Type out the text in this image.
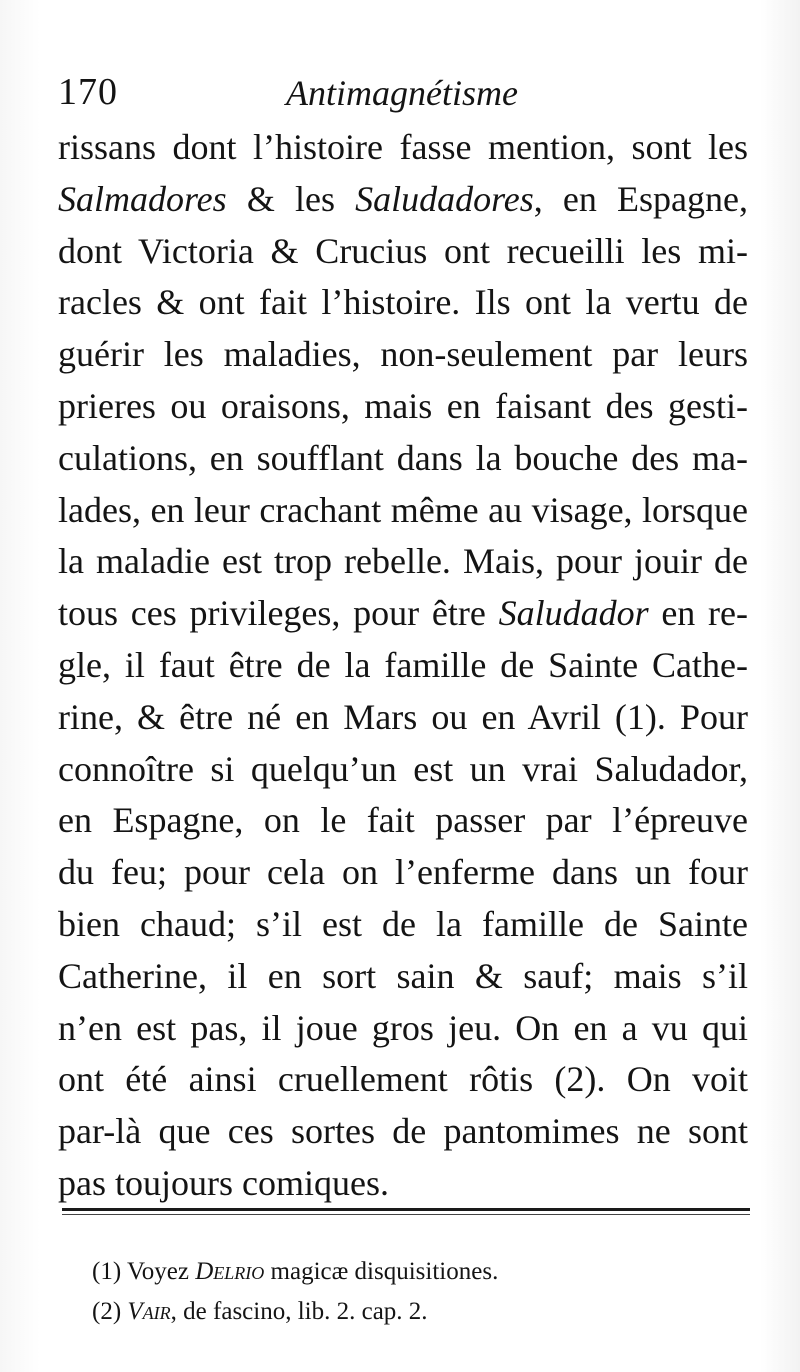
170	Antimagnétisme
rissans dont l’histoire fasse mention, sont les
Salmadores & les Saludadores, en Espagne,
dont Victoria & Crucius ont recueilli les mi-
racles & ont fait l’histoire. Ils ont la vertu de
guérir les maladies, non-seulement par leurs
prieres ou oraisons, mais en faisant des gesti-
culations, en soufflant dans la bouche des ma-
lades, en leur crachant même au visage, lorsque
la maladie est trop rebelle. Mais, pour jouir de
tous ces privileges, pour être Saludador en re-
gle, il faut être de la famille de Sainte Cathe-
rine, & être né en Mars ou en Avril (1). Pour
connoître si quelqu’un est un vrai Saludador,
en Espagne, on le fait passer par l’épreuve
du feu; pour cela on l’enferme dans un four
bien chaud; s’il est de la famille de Sainte
Catherine, il en sort sain & sauf; mais s’il
n’en est pas, il joue gros jeu. On en a vu qui
ont été ainsi cruellement rôtis (2). On voit
par-là que ces sortes de pantomimes ne sont
pas toujours comiques.
(1) Voyez Delrio magicæ disquisitiones.
(2) Vair, de fascino, lib. 2. cap. 2.
